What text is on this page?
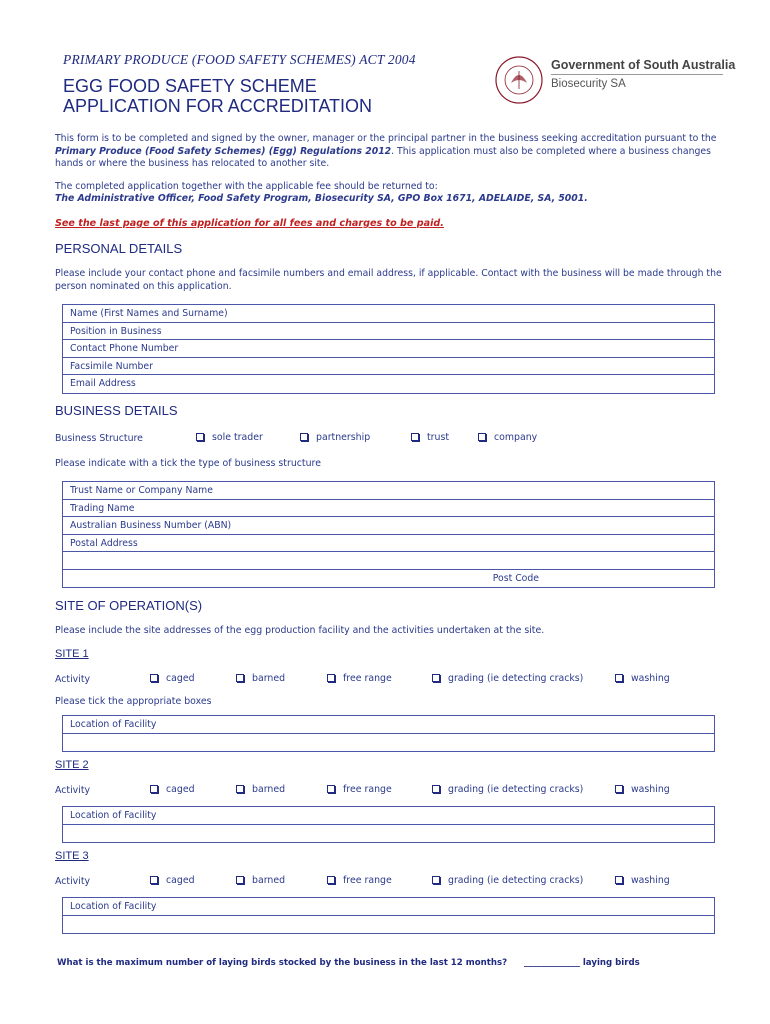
PRIMARY PRODUCE (FOOD SAFETY SCHEMES) ACT 2004
EGG FOOD SAFETY SCHEME
APPLICATION FOR ACCREDITATION
Government of South Australia
Biosecurity SA
This form is to be completed and signed by the owner, manager or the principal partner in the business seeking accreditation pursuant to the Primary Produce (Food Safety Schemes) (Egg) Regulations 2012. This application must also be completed where a business changes hands or where the business has relocated to another site.
The completed application together with the applicable fee should be returned to:
The Administrative Officer, Food Safety Program, Biosecurity SA, GPO Box 1671, ADELAIDE, SA, 5001.
See the last page of this application for all fees and charges to be paid.
PERSONAL DETAILS
Please include your contact phone and facsimile numbers and email address, if applicable. Contact with the business will be made through the person nominated on this application.
Name (First Names and Surname)
Position in Business
Contact Phone Number
Facsimile Number
Email Address
BUSINESS DETAILS
Business Structure	sole trader	partnership	trust	company
Please indicate with a tick the type of business structure
Trust Name or Company Name
Trading Name
Australian Business Number (ABN)
Postal Address
Post Code
SITE OF OPERATION(S)
Please include the site addresses of the egg production facility and the activities undertaken at the site.
SITE 1
Activity	caged	barned	free range	grading (ie detecting cracks)	washing
Please tick the appropriate boxes
Location of Facility
SITE 2
Activity	caged	barned	free range	grading (ie detecting cracks)	washing
Location of Facility
SITE 3
Activity	caged	barned	free range	grading (ie detecting cracks)	washing
Location of Facility
What is the maximum number of laying birds stocked by the business in the last 12 months? _____________ laying birds
